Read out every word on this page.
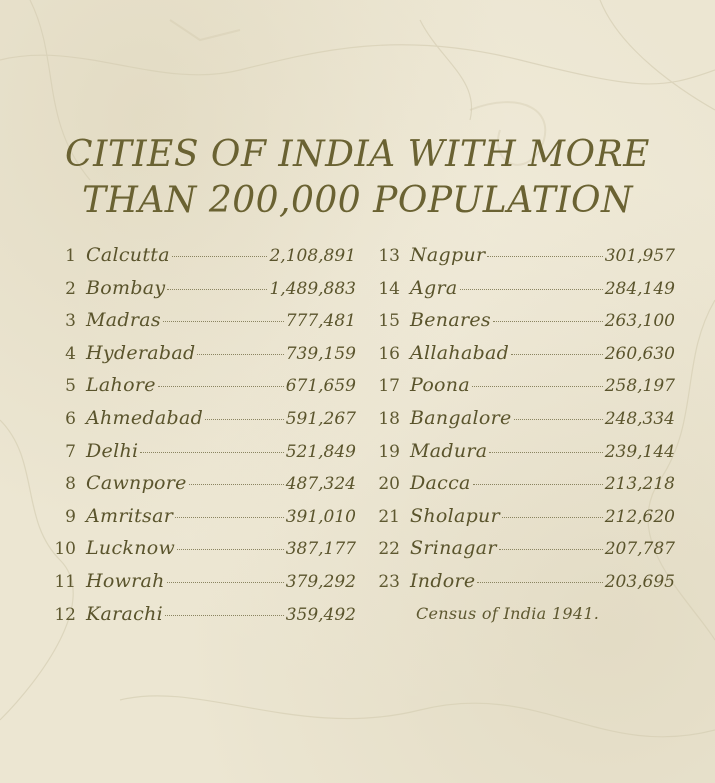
CITIES OF INDIA WITH MORE
THAN 200,000 POPULATION
1 Calcutta	2,108,891
2 Bombay	1,489,883
3 Madras	777,481
4 Hyderabad	739,159
5 Lahore	671,659
6 Ahmedabad	591,267
7 Delhi	521,849
8 Cawnpore	487,324
9 Amritsar	391,010
10 Lucknow	387,177
11 Howrah	379,292
12 Karachi	359,492
13 Nagpur	301,957
14 Agra	284,149
15 Benares	263,100
16 Allahabad	260,630
17 Poona	258,197
18 Bangalore	248,334
19 Madura	239,144
20 Dacca	213,218
21 Sholapur	212,620
22 Srinagar	207,787
23 Indore	203,695
Census of India 1941.
